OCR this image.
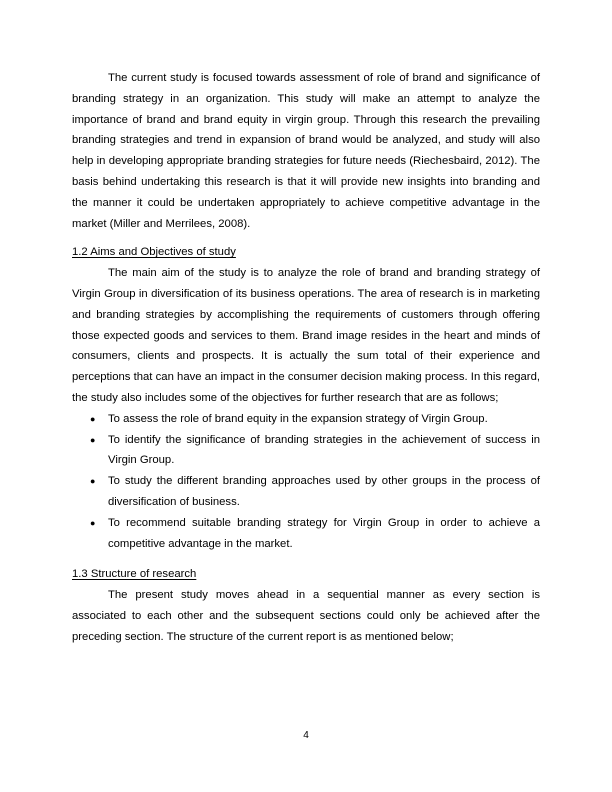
The current study is focused towards assessment of role of brand and significance of branding strategy in an organization. This study will make an attempt to analyze the importance of brand and brand equity in virgin group. Through this research the prevailing branding strategies and trend in expansion of brand would be analyzed, and study will also help in developing appropriate branding strategies for future needs (Riechesbaird, 2012). The basis behind undertaking this research is that it will provide new insights into branding and the manner it could be undertaken appropriately to achieve competitive advantage in the market (Miller and Merrilees, 2008).

1.2 Aims and Objectives of study

The main aim of the study is to analyze the role of brand and branding strategy of Virgin Group in diversification of its business operations. The area of research is in marketing and branding strategies by accomplishing the requirements of customers through offering those expected goods and services to them. Brand image resides in the heart and minds of consumers, clients and prospects. It is actually the sum total of their experience and perceptions that can have an impact in the consumer decision making process. In this regard, the study also includes some of the objectives for further research that are as follows;

● To assess the role of brand equity in the expansion strategy of Virgin Group.
● To identify the significance of branding strategies in the achievement of success in Virgin Group.
● To study the different branding approaches used by other groups in the process of diversification of business.
● To recommend suitable branding strategy for Virgin Group in order to achieve a competitive advantage in the market.

1.3 Structure of research

The present study moves ahead in a sequential manner as every section is associated to each other and the subsequent sections could only be achieved after the preceding section. The structure of the current report is as mentioned below;

4
